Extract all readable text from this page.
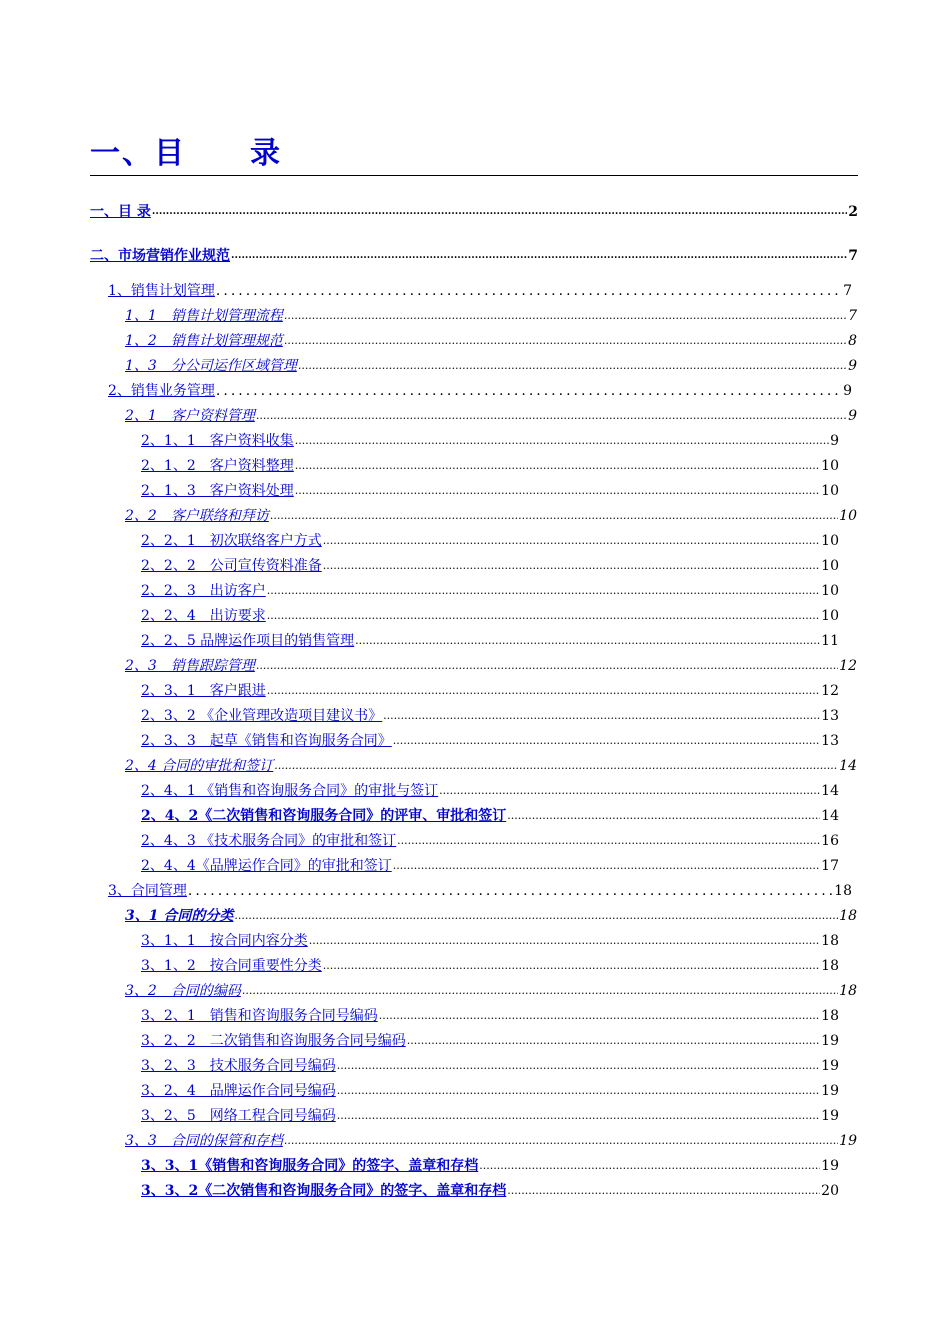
一、目　　录
一、目 录 .....	2
二、市场营销作业规范 .....	7
1、销售计划管理 .....	7
1、1　销售计划管理流程 .....	7
1、2　销售计划管理规范 .....	8
1、3　分公司运作区域管理 .....	9
2、销售业务管理 .....	9
2、1　客户资料管理 .....	9
2、1、1　客户资料收集 .....	9
2、1、2　客户资料整理 .....	10
2、1、3　客户资料处理 .....	10
2、2　客户联络和拜访 .....	10
2、2、1　初次联络客户方式 .....	10
2、2、2　公司宣传资料准备 .....	10
2、2、3　出访客户 .....	10
2、2、4　出访要求 .....	10
2、2、5 品牌运作项目的销售管理 .....	11
2、3　销售跟踪管理 .....	12
2、3、1　客户跟进 .....	12
2、3、2 《企业管理改造项目建议书》 .....	13
2、3、3　起草《销售和咨询服务合同》 .....	13
2、4 合同的审批和签订 .....	14
2、4、1 《销售和咨询服务合同》的审批与签订 .....	14
2、4、2《二次销售和咨询服务合同》的评审、审批和签订 .....	14
2、4、3 《技术服务合同》的审批和签订 .....	16
2、4、4《品牌运作合同》的审批和签订 .....	17
3、合同管理 .....	18
3、1 合同的分类 .....	18
3、1、1　按合同内容分类 .....	18
3、1、2　按合同重要性分类 .....	18
3、2　合同的编码 .....	18
3、2、1　销售和咨询服务合同号编码 .....	18
3、2、2　二次销售和咨询服务合同号编码 .....	19
3、2、3　技术服务合同号编码 .....	19
3、2、4　品牌运作合同号编码 .....	19
3、2、5　网络工程合同号编码 .....	19
3、3　合同的保管和存档 .....	19
3、3、1《销售和咨询服务合同》的签字、盖章和存档 .....	19
3、3、2《二次销售和咨询服务合同》的签字、盖章和存档 .....	20
